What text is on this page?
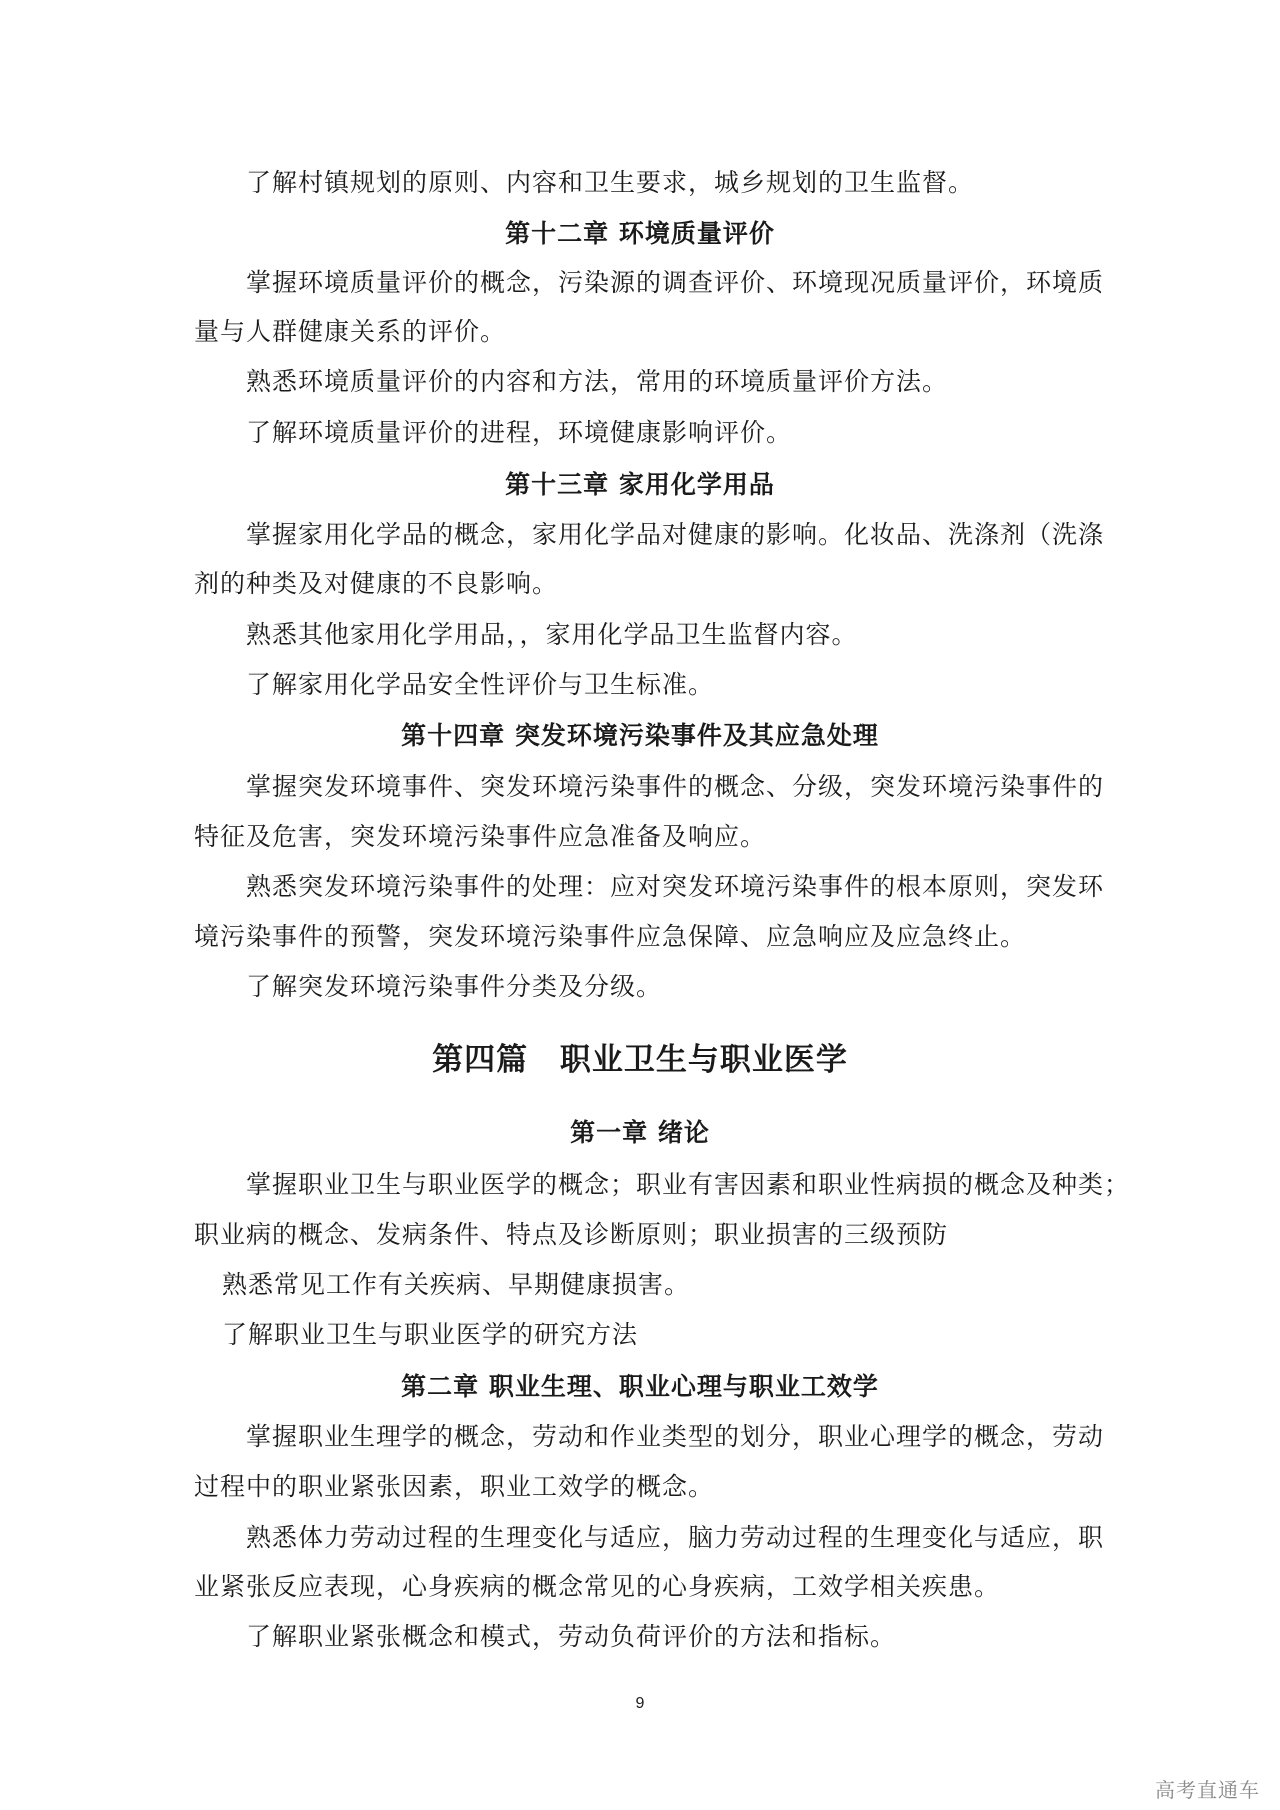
了解村镇规划的原则、内容和卫生要求，城乡规划的卫生监督。

第十二章 环境质量评价

掌握环境质量评价的概念，污染源的调查评价、环境现况质量评价，环境质

量与人群健康关系的评价。

熟悉环境质量评价的内容和方法，常用的环境质量评价方法。

了解环境质量评价的进程，环境健康影响评价。

第十三章 家用化学用品

掌握家用化学品的概念，家用化学品对健康的影响。化妆品、洗涤剂（洗涤

剂的种类及对健康的不良影响。

熟悉其他家用化学用品，，家用化学品卫生监督内容。

了解家用化学品安全性评价与卫生标准。

第十四章 突发环境污染事件及其应急处理

掌握突发环境事件、突发环境污染事件的概念、分级，突发环境污染事件的

特征及危害，突发环境污染事件应急准备及响应。

熟悉突发环境污染事件的处理：应对突发环境污染事件的根本原则，突发环

境污染事件的预警，突发环境污染事件应急保障、应急响应及应急终止。

了解突发环境污染事件分类及分级。

第四篇 职业卫生与职业医学

第一章 绪论

掌握职业卫生与职业医学的概念；职业有害因素和职业性病损的概念及种类；

职业病的概念、发病条件、特点及诊断原则；职业损害的三级预防

熟悉常见工作有关疾病、早期健康损害。

了解职业卫生与职业医学的研究方法

第二章 职业生理、职业心理与职业工效学

掌握职业生理学的概念，劳动和作业类型的划分，职业心理学的概念，劳动

过程中的职业紧张因素，职业工效学的概念。

熟悉体力劳动过程的生理变化与适应，脑力劳动过程的生理变化与适应，职

业紧张反应表现，心身疾病的概念常见的心身疾病，工效学相关疾患。

了解职业紧张概念和模式，劳动负荷评价的方法和指标。

9
高考直通车
